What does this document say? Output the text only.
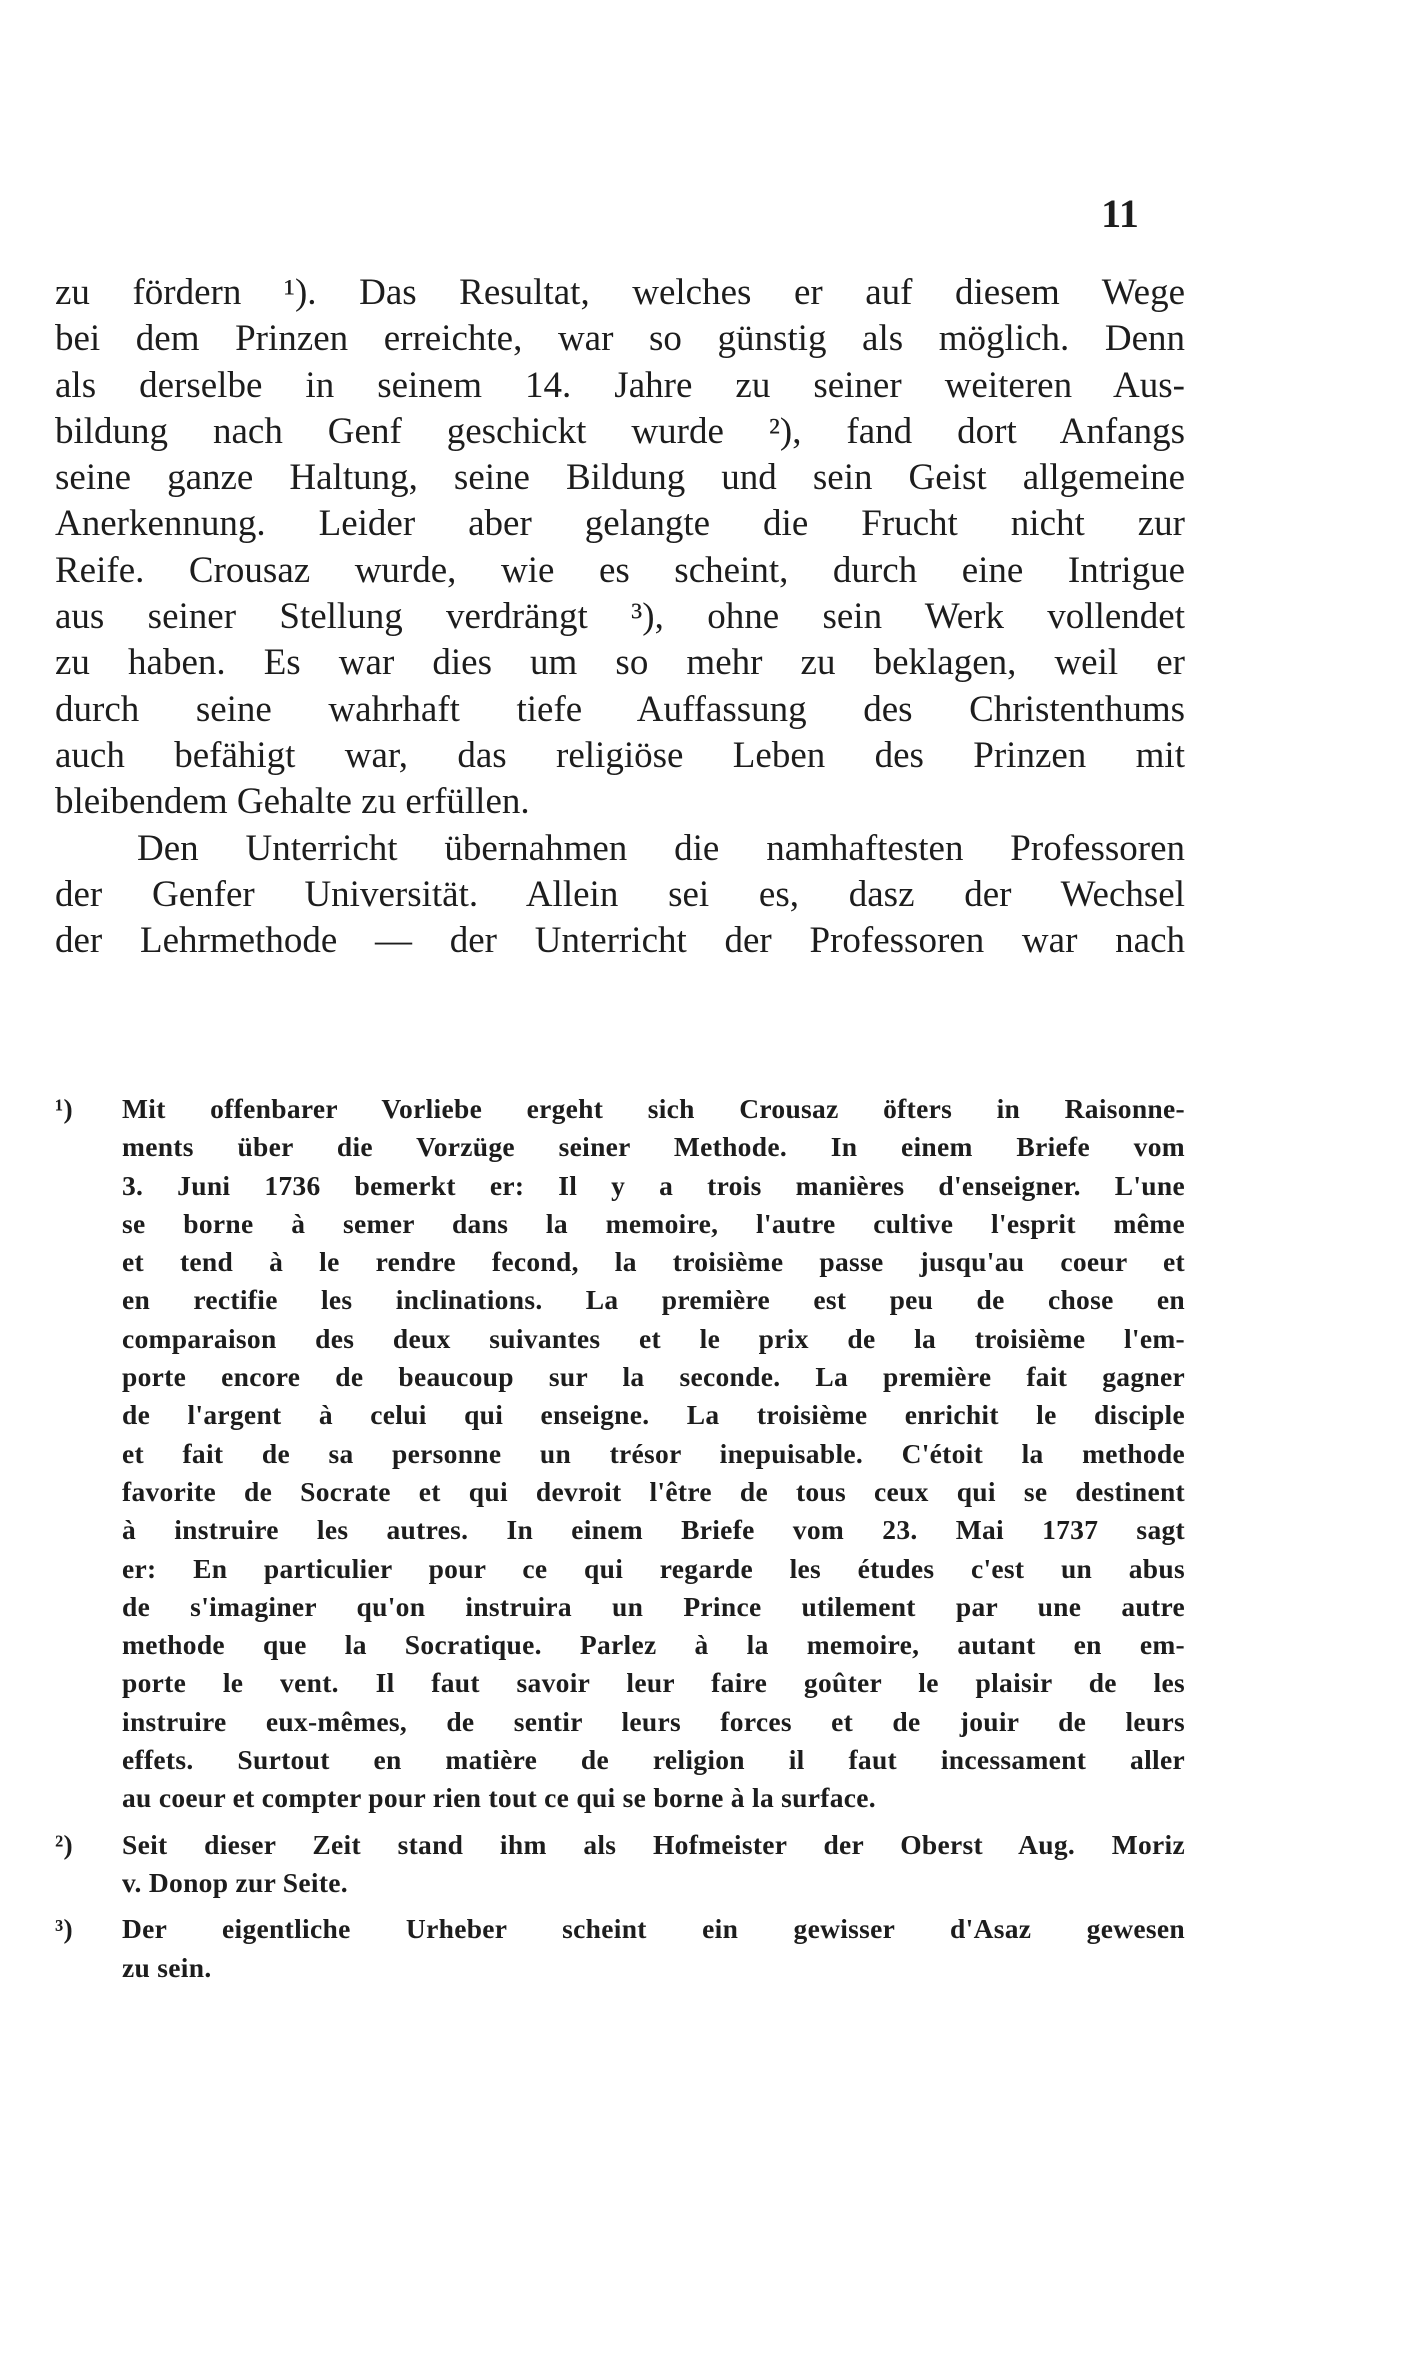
11
zu fördern ¹). Das Resultat, welches er auf diesem Wege
bei dem Prinzen erreichte, war so günstig als möglich. Denn
als derselbe in seinem 14. Jahre zu seiner weiteren Aus-
bildung nach Genf geschickt wurde ²), fand dort Anfangs
seine ganze Haltung, seine Bildung und sein Geist allgemeine
Anerkennung. Leider aber gelangte die Frucht nicht zur
Reife. Crousaz wurde, wie es scheint, durch eine Intrigue
aus seiner Stellung verdrängt ³), ohne sein Werk vollendet
zu haben. Es war dies um so mehr zu beklagen, weil er
durch seine wahrhaft tiefe Auffassung des Christenthums
auch befähigt war, das religiöse Leben des Prinzen mit
bleibendem Gehalte zu erfüllen.
Den Unterricht übernahmen die namhaftesten Professoren
der Genfer Universität. Allein sei es, dasz der Wechsel
der Lehrmethode — der Unterricht der Professoren war nach
¹) Mit offenbarer Vorliebe ergeht sich Crousaz öfters in Raisonne-
ments über die Vorzüge seiner Methode. In einem Briefe vom
3. Juni 1736 bemerkt er: Il y a trois manières d'enseigner. L'une
se borne à semer dans la memoire, l'autre cultive l'esprit même
et tend à le rendre fecond, la troisième passe jusqu'au coeur et
en rectifie les inclinations. La première est peu de chose en
comparaison des deux suivantes et le prix de la troisième l'em-
porte encore de beaucoup sur la seconde. La première fait gagner
de l'argent à celui qui enseigne. La troisième enrichit le disciple
et fait de sa personne un trésor inepuisable. C'étoit la methode
favorite de Socrate et qui devroit l'être de tous ceux qui se destinent
à instruire les autres. In einem Briefe vom 23. Mai 1737 sagt
er: En particulier pour ce qui regarde les études c'est un abus
de s'imaginer qu'on instruira un Prince utilement par une autre
methode que la Socratique. Parlez à la memoire, autant en em-
porte le vent. Il faut savoir leur faire goûter le plaisir de les
instruire eux-mêmes, de sentir leurs forces et de jouir de leurs
effets. Surtout en matière de religion il faut incessament aller
au coeur et compter pour rien tout ce qui se borne à la surface.
²) Seit dieser Zeit stand ihm als Hofmeister der Oberst Aug. Moriz
v. Donop zur Seite.
³) Der eigentliche Urheber scheint ein gewisser d'Asaz gewesen
zu sein.
